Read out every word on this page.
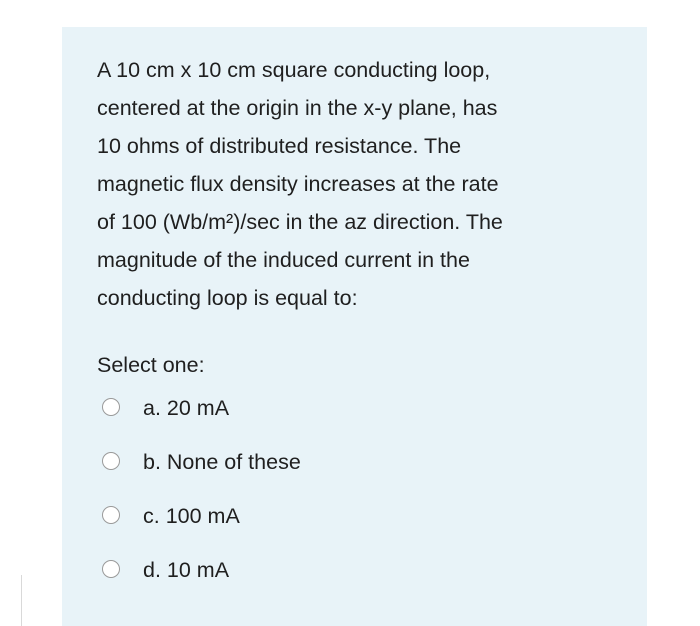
A 10 cm x 10 cm square conducting loop,
centered at the origin in the x-y plane, has
10 ohms of distributed resistance. The
magnetic flux density increases at the rate
of 100 (Wb/m²)/sec in the az direction. The
magnitude of the induced current in the
conducting loop is equal to:

Select one:

a. 20 mA
b. None of these
c. 100 mA
d. 10 mA
